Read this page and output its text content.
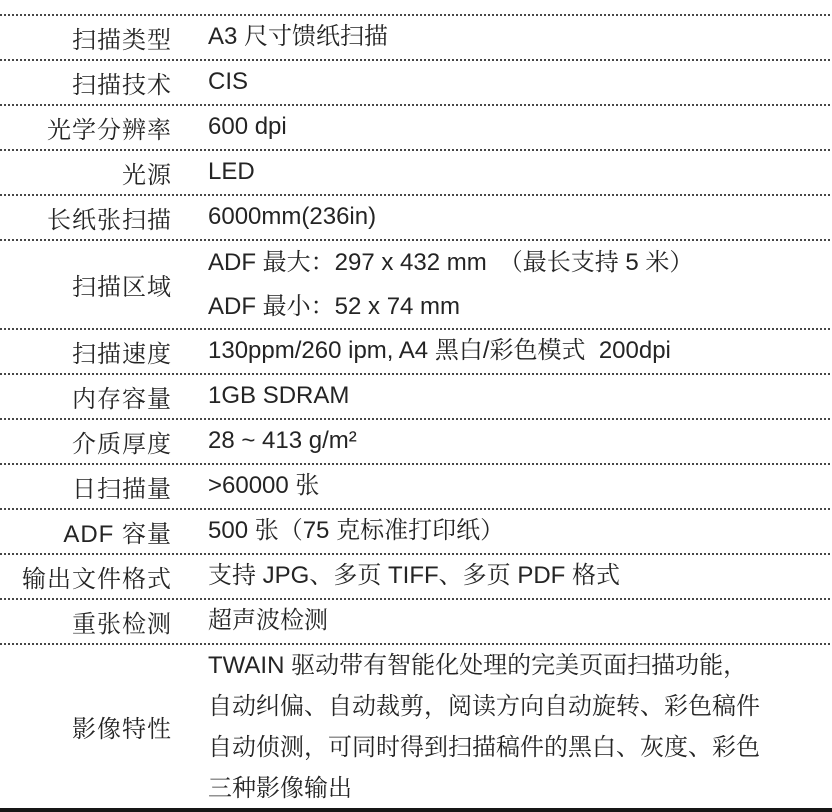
扫描类型 A3 尺寸馈纸扫描
扫描技术 CIS
光学分辨率 600 dpi
光源 LED
长纸张扫描 6000mm(236in)
扫描区域
ADF 最大：297 x 432 mm　（最长支持 5 米）
ADF 最小：52 x 74 mm
扫描速度 130ppm/260 ipm, A4 黑白/彩色模式  200dpi
内存容量 1GB SDRAM
介质厚度 28 ~ 413 g/m²
日扫描量 >60000 张
ADF 容量 500 张（75 克标准打印纸）
输出文件格式 支持 JPG、多页 TIFF、多页 PDF 格式
重张检测 超声波检测
影像特性
TWAIN 驱动带有智能化处理的完美页面扫描功能，
自动纠偏、自动裁剪，阅读方向自动旋转、彩色稿件
自动侦测，可同时得到扫描稿件的黑白、灰度、彩色
三种影像输出
